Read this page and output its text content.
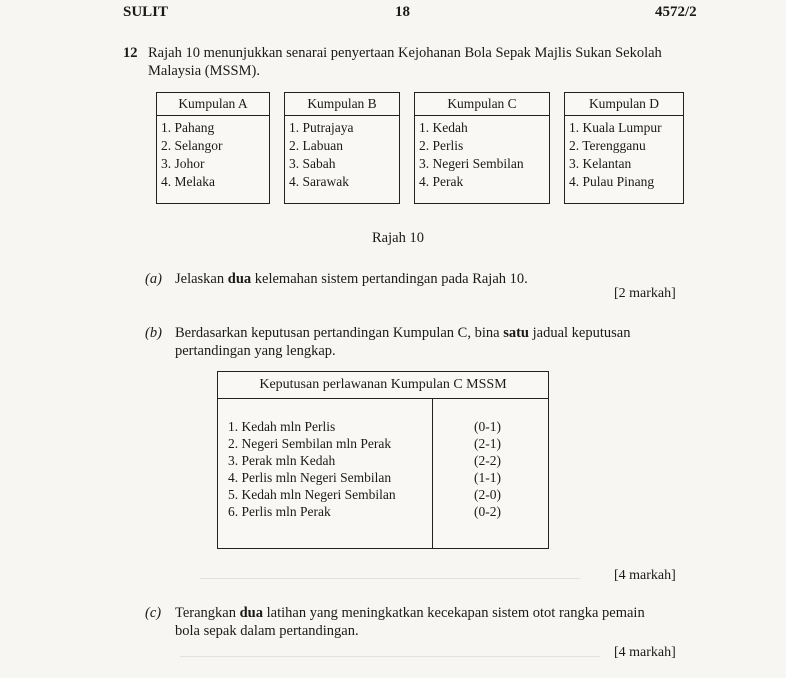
SULIT	18	4572/2
12 Rajah 10 menunjukkan senarai penyertaan Kejohanan Bola Sepak Majlis Sukan Sekolah Malaysia (MSSM).
Kumpulan A
1. Pahang
2. Selangor
3. Johor
4. Melaka
Kumpulan B
1. Putrajaya
2. Labuan
3. Sabah
4. Sarawak
Kumpulan C
1. Kedah
2. Perlis
3. Negeri Sembilan
4. Perak
Kumpulan D
1. Kuala Lumpur
2. Terengganu
3. Kelantan
4. Pulau Pinang
Rajah 10
(a) Jelaskan dua kelemahan sistem pertandingan pada Rajah 10.
[2 markah]
(b) Berdasarkan keputusan pertandingan Kumpulan C, bina satu jadual keputusan
pertandingan yang lengkap.
Keputusan perlawanan Kumpulan C MSSM
1. Kedah mln Perlis	(0-1)
2. Negeri Sembilan mln Perak	(2-1)
3. Perak mln Kedah	(2-2)
4. Perlis mln Negeri Sembilan	(1-1)
5. Kedah mln Negeri Sembilan	(2-0)
6. Perlis mln Perak	(0-2)
[4 markah]
(c) Terangkan dua latihan yang meningkatkan kecekapan sistem otot rangka pemain
bola sepak dalam pertandingan.
[4 markah]
